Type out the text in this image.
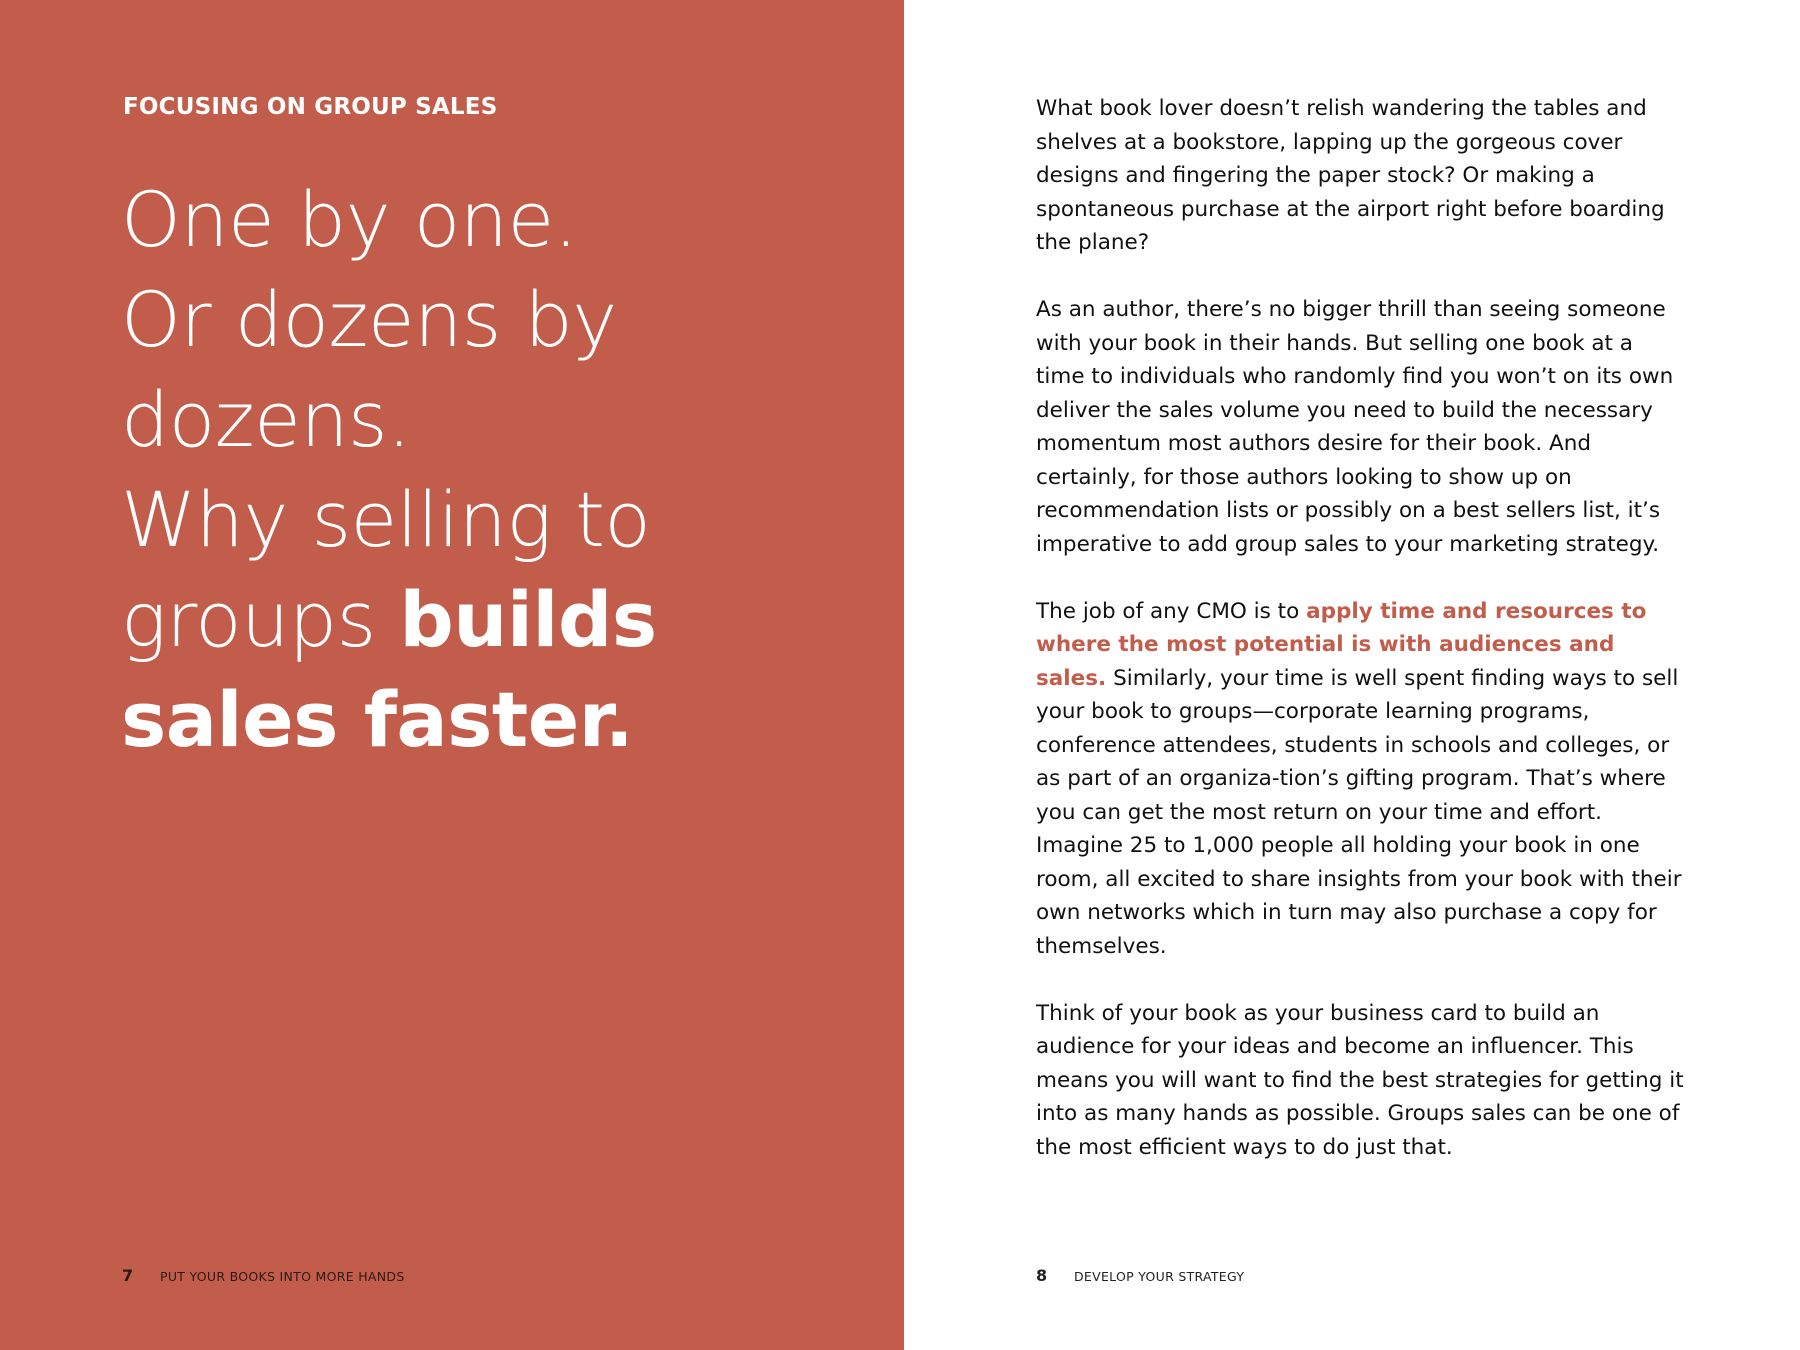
FOCUSING ON GROUP SALES
One by one.
Or dozens by
dozens.
Why selling to
groups builds
sales faster.
7	PUT YOUR BOOKS INTO MORE HANDS

What book lover doesn’t relish wandering the tables and shelves at a bookstore, lapping up the gorgeous cover designs and fingering the paper stock? Or making a spontaneous purchase at the airport right before boarding the plane?

As an author, there’s no bigger thrill than seeing someone with your book in their hands. But selling one book at a time to individuals who randomly find you won’t on its own deliver the sales volume you need to build the necessary momentum most authors desire for their book. And certainly, for those authors looking to show up on recommendation lists or possibly on a best sellers list, it’s imperative to add group sales to your marketing strategy.

The job of any CMO is to apply time and resources to where the most potential is with audiences and sales. Similarly, your time is well spent finding ways to sell your book to groups—corporate learning programs, conference attendees, students in schools and colleges, or as part of an organiza-tion’s gifting program. That’s where you can get the most return on your time and effort. Imagine 25 to 1,000 people all holding your book in one room, all excited to share insights from your book with their own networks which in turn may also purchase a copy for themselves.

Think of your book as your business card to build an audience for your ideas and become an influencer. This means you will want to find the best strategies for getting it into as many hands as possible. Groups sales can be one of the most efficient ways to do just that.

8	DEVELOP YOUR STRATEGY
